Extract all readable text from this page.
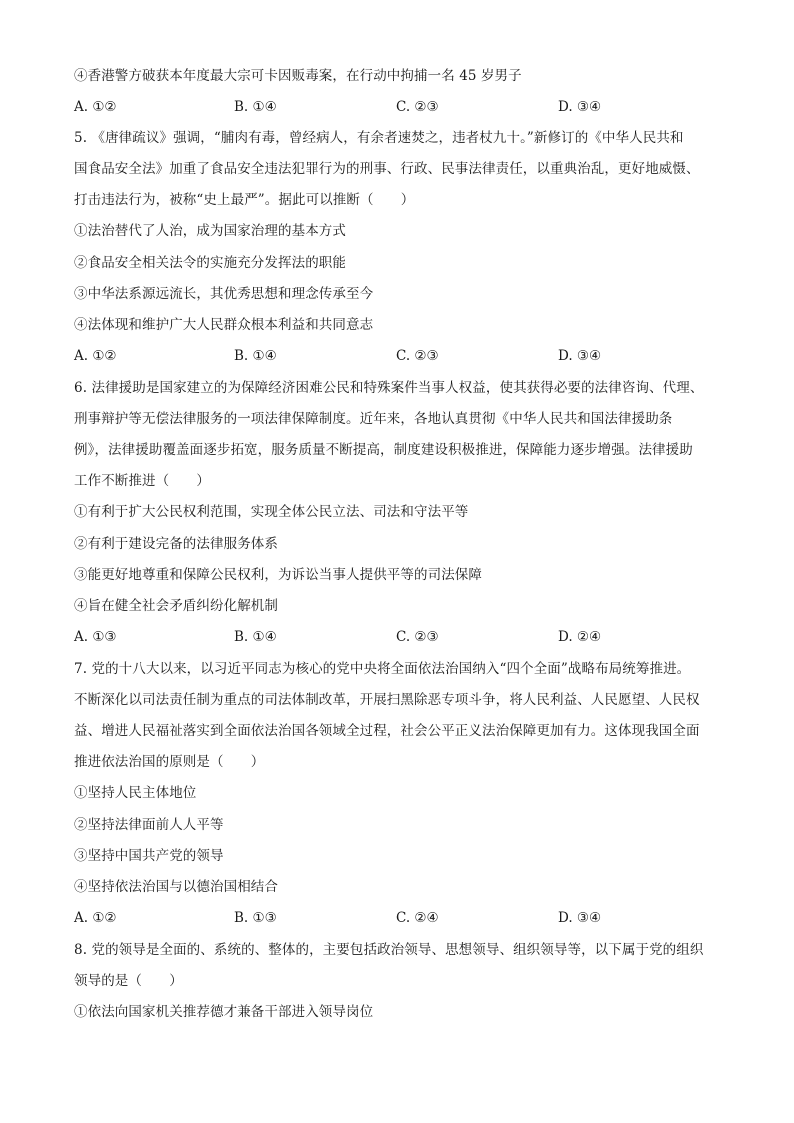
④香港警方破获本年度最大宗可卡因贩毒案，在行动中拘捕一名 45 岁男子
A. ①②	B. ①④	C. ②③	D. ③④
5. 《唐律疏议》强调，“脯肉有毒，曾经病人，有余者速焚之，违者杖九十。”新修订的《中华人民共和
国食品安全法》加重了食品安全违法犯罪行为的刑事、行政、民事法律责任，以重典治乱，更好地威慑、
打击违法行为，被称“史上最严”。据此可以推断（　　）
①法治替代了人治，成为国家治理的基本方式
②食品安全相关法令的实施充分发挥法的职能
③中华法系源远流长，其优秀思想和理念传承至今
④法体现和维护广大人民群众根本利益和共同意志
A. ①②	B. ①④	C. ②③	D. ③④
6. 法律援助是国家建立的为保障经济困难公民和特殊案件当事人权益，使其获得必要的法律咨询、代理、
刑事辩护等无偿法律服务的一项法律保障制度。近年来，各地认真贯彻《中华人民共和国法律援助条
例》，法律援助覆盖面逐步拓宽，服务质量不断提高，制度建设积极推进，保障能力逐步增强。法律援助
工作不断推进（　　）
①有利于扩大公民权利范围，实现全体公民立法、司法和守法平等
②有利于建设完备的法律服务体系
③能更好地尊重和保障公民权利，为诉讼当事人提供平等的司法保障
④旨在健全社会矛盾纠纷化解机制
A. ①③	B. ①④	C. ②③	D. ②④
7. 党的十八大以来，以习近平同志为核心的党中央将全面依法治国纳入“四个全面”战略布局统筹推进。
不断深化以司法责任制为重点的司法体制改革，开展扫黑除恶专项斗争，将人民利益、人民愿望、人民权
益、增进人民福祉落实到全面依法治国各领域全过程，社会公平正义法治保障更加有力。这体现我国全面
推进依法治国的原则是（　　）
①坚持人民主体地位
②坚持法律面前人人平等
③坚持中国共产党的领导
④坚持依法治国与以德治国相结合
A. ①②	B. ①③	C. ②④	D. ③④
8. 党的领导是全面的、系统的、整体的，主要包括政治领导、思想领导、组织领导等，以下属于党的组织
领导的是（　　）
①依法向国家机关推荐德才兼备干部进入领导岗位
